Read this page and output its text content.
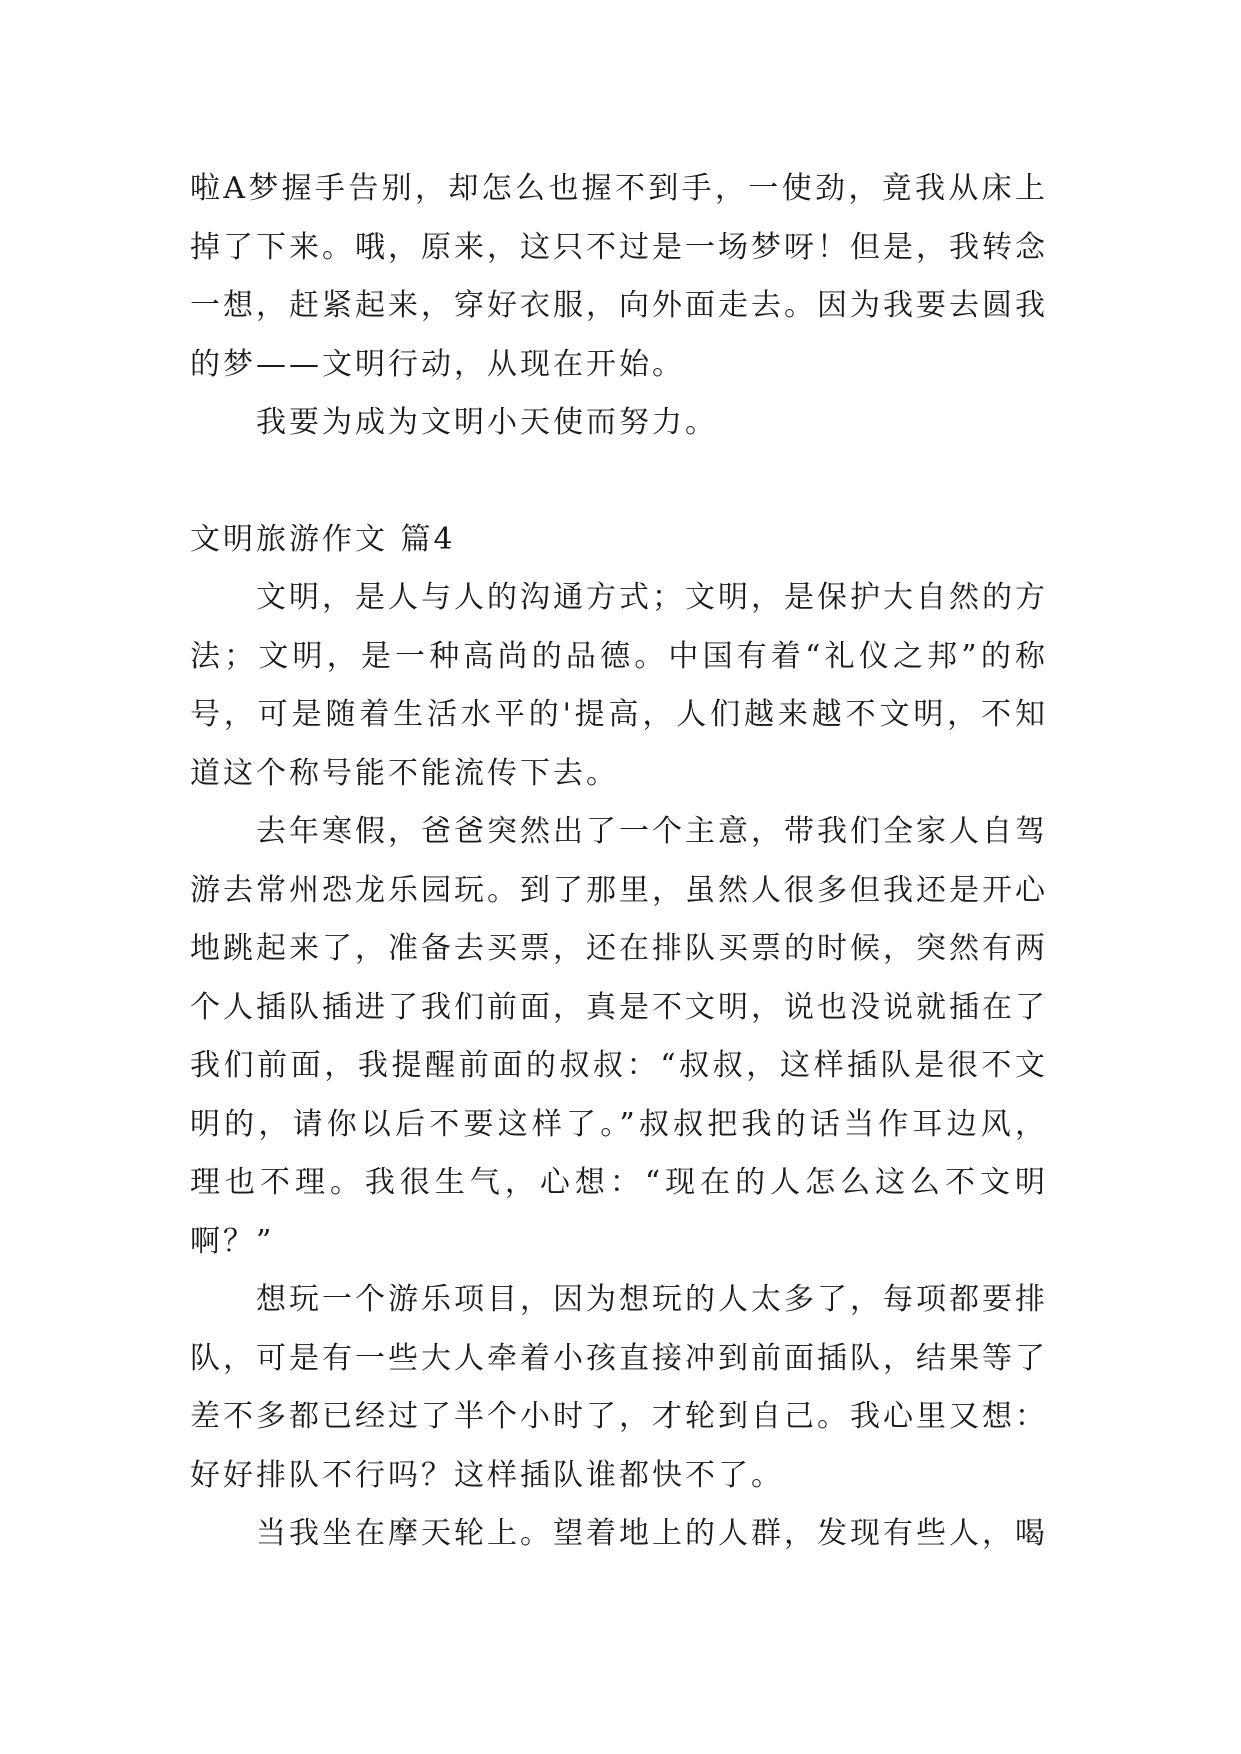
啦A梦握手告别，却怎么也握不到手，一使劲，竟我从床上掉了下来。哦，原来，这只不过是一场梦呀！但是，我转念一想，赶紧起来，穿好衣服，向外面走去。因为我要去圆我的梦——文明行动，从现在开始。

我要为成为文明小天使而努力。

文明旅游作文 篇4

文明，是人与人的沟通方式；文明，是保护大自然的方法；文明，是一种高尚的品德。中国有着“礼仪之邦”的称号，可是随着生活水平的'提高，人们越来越不文明，不知道这个称号能不能流传下去。

去年寒假，爸爸突然出了一个主意，带我们全家人自驾游去常州恐龙乐园玩。到了那里，虽然人很多但我还是开心地跳起来了，准备去买票，还在排队买票的时候，突然有两个人插队插进了我们前面，真是不文明，说也没说就插在了我们前面，我提醒前面的叔叔：“叔叔，这样插队是很不文明的，请你以后不要这样了。”叔叔把我的话当作耳边风，理也不理。我很生气，心想：“现在的人怎么这么不文明啊？”

想玩一个游乐项目，因为想玩的人太多了，每项都要排队，可是有一些大人牵着小孩直接冲到前面插队，结果等了差不多都已经过了半个小时了，才轮到自己。我心里又想：好好排队不行吗？这样插队谁都快不了。

当我坐在摩天轮上。望着地上的人群，发现有些人，喝
